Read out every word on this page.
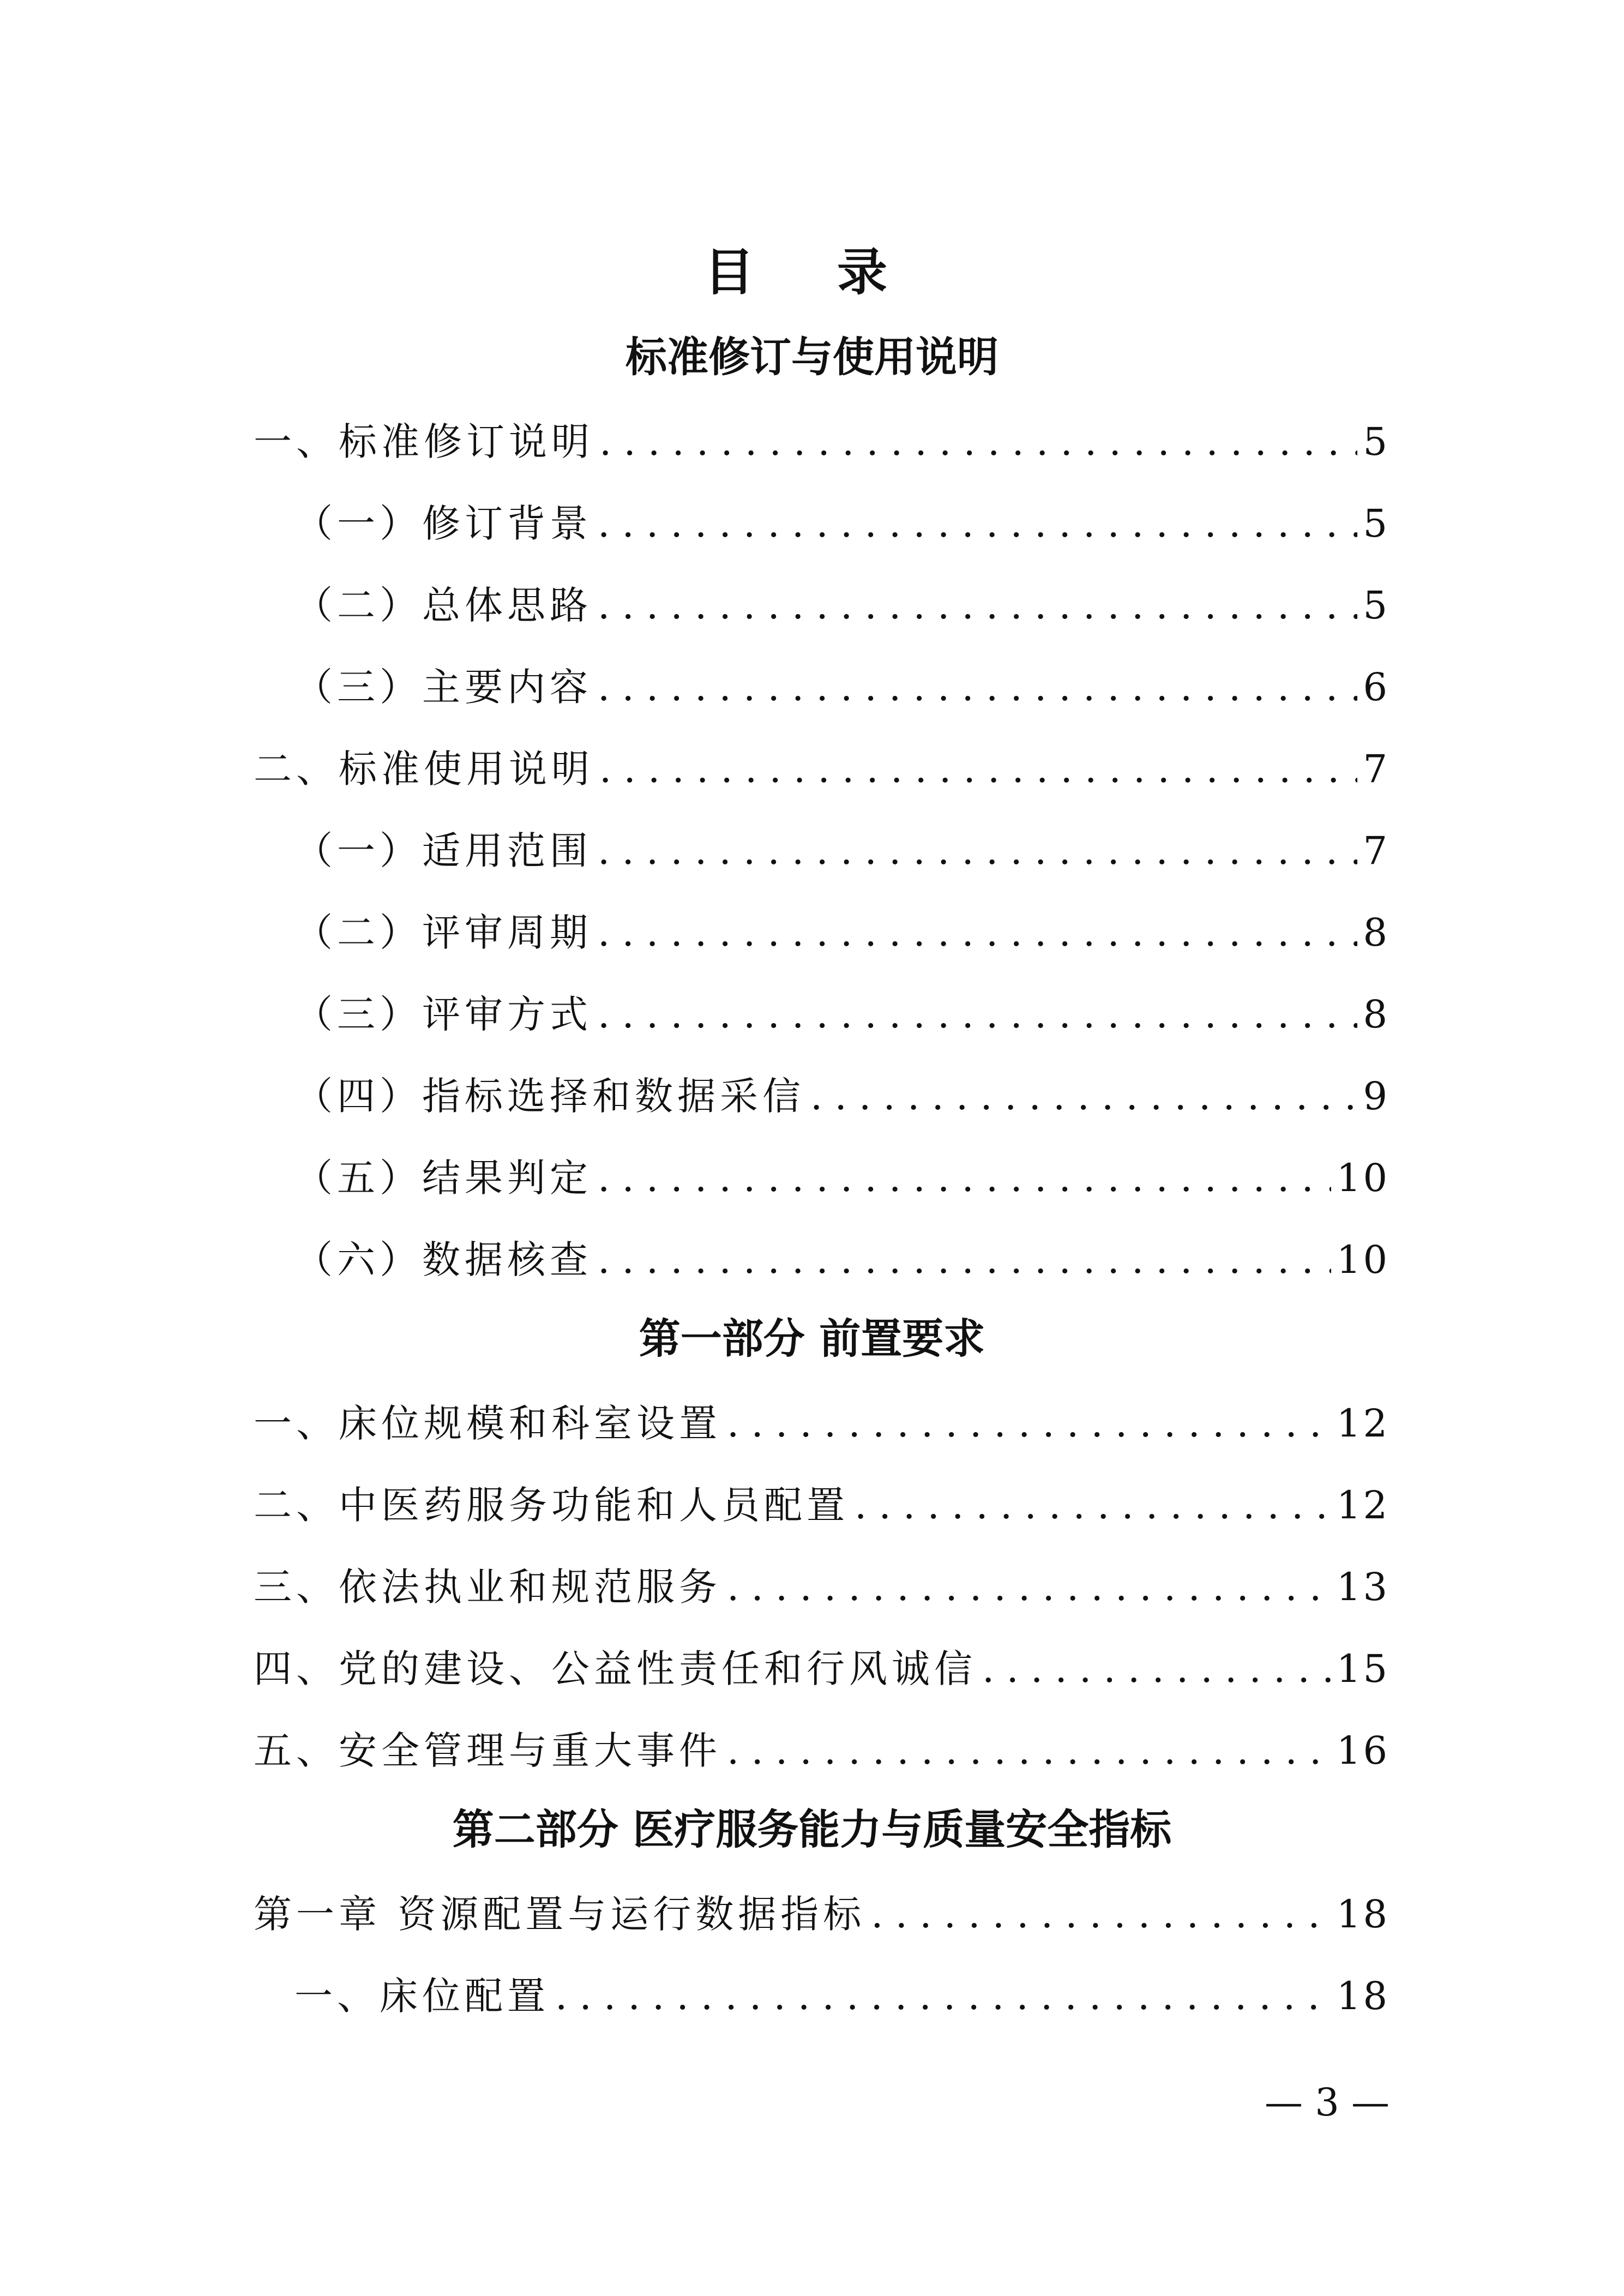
目 录
标准修订与使用说明
一、标准修订说明 . . .	5
（一）修订背景 . . .	5
（二）总体思路 . . .	5
（三）主要内容 . . .	6
二、标准使用说明 . . .	7
（一）适用范围 . . .	7
（二）评审周期 . . .	8
（三）评审方式 . . .	8
（四）指标选择和数据采信 . . .	9
（五）结果判定 . . .	10
（六）数据核查 . . .	10
第一部分 前置要求
一、床位规模和科室设置 . . .	12
二、中医药服务功能和人员配置 . . .	12
三、依法执业和规范服务 . . .	13
四、党的建设、公益性责任和行风诚信 . . .	15
五、安全管理与重大事件 . . .	16
第二部分 医疗服务能力与质量安全指标
第一章 资源配置与运行数据指标 . . .	18
一、床位配置 . . .	18
— 3 —
